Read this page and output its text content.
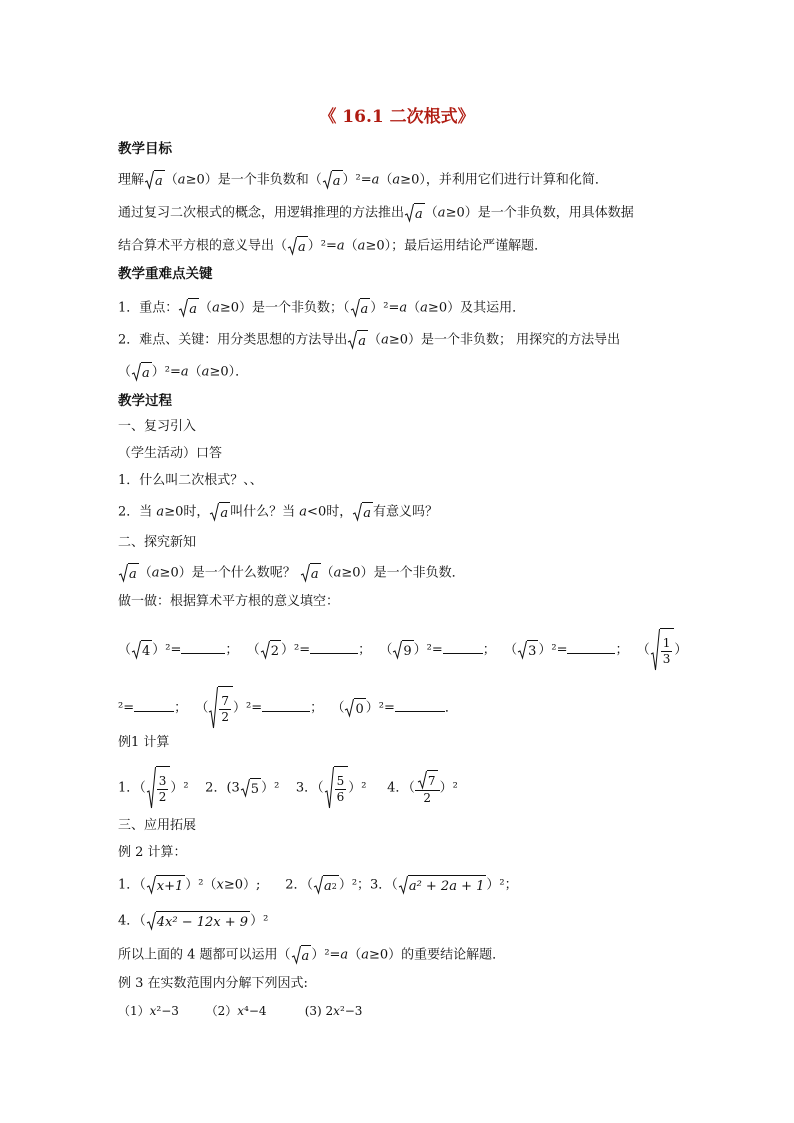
《 16.1 二次根式》
教学目标
理解 a （a≥0）是一个非负数和（ a ）²=a（a≥0），并利用它们进行计算和化简．
通过复习二次根式的概念，用逻辑推理的方法推出 a （a≥0）是一个非负数，用具体数据
结合算术平方根的意义导出（ a ）²=a（a≥0）；最后运用结论严谨解题．
教学重难点关键
1．重点： a （a≥0）是一个非负数；（ a ）²=a（a≥0）及其运用．
2．难点、关键：用分类思想的方法导出 a （a≥0）是一个非负数； 用探究的方法导出
（ a ）²=a（a≥0）．
教学过程
一、复习引入
（学生活动）口答
1．什么叫二次根式？、、
2．当 a≥0时， a 叫什么？当 a<0时， a 有意义吗？
二、探究新知
a （a≥0）是一个什么数呢？ a （a≥0）是一个非负数．
做一做：根据算术平方根的意义填空：
（ 4 ）²=	； （ 2 ）²=	； （ 9 ）²=	； （ 3 ）²=	； （ $\frac{1}{3}$ ）
²=	； （ $\frac{7}{2} )^2=$	； （ 0 ）²=	．
例1 计算
1．（ $\frac{3}{2} )^2$ 2．(3 5 ）² 3．（ $\frac{5}{6} )^2$ 4．（ $\frac{7}{2} )^2$
三、应用拓展
例 2 计算：
1．（ x+1 ）²（x≥0）; 2．（ a 2 ）²；3．（ a² + 2a + 1 ）²；
4．（ 4x² − 12x + 9 ）²
所以上面的 4 题都可以运用（ a ）²=a（a≥0）的重要结论解题．
例 3 在实数范围内分解下列因式:
（1）x²−3 （2）x⁴−4	(3) 2x²−3
